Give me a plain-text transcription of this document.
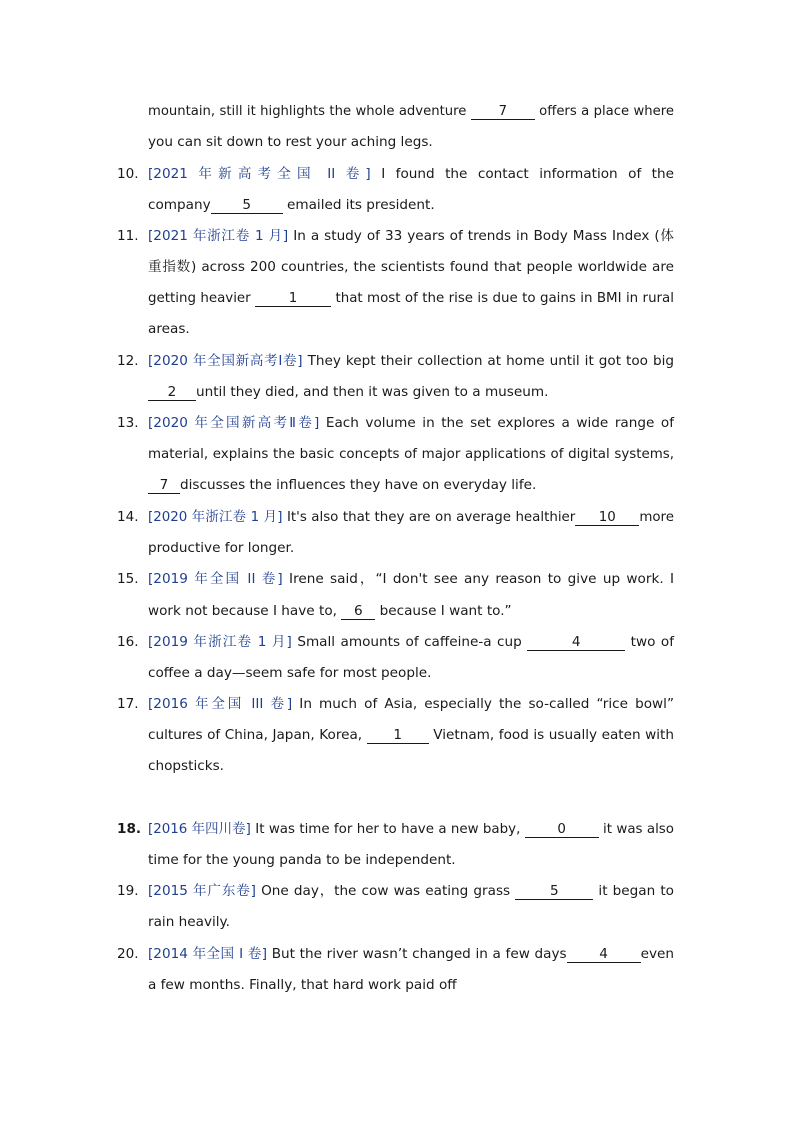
mountain, still it highlights the whole adventure 7 offers a place where
you can sit down to rest your aching legs.
10. [2021 年新高考全国 II 卷] I found the contact information of the
company 5 emailed its president.
11. [2021 年浙江卷 1 月] In a study of 33 years of trends in Body Mass Index (体
重指数) across 200 countries, the scientists found that people worldwide are
getting heavier	1	that most of the rise is due to gains in BMI in rural
areas.
12. [2020 年全国新高考Ⅰ卷] They kept their collection at home until it got too big
2 until they died, and then it was given to a museum.
13. [2020 年全国新高考Ⅱ卷] Each volume in the set explores a wide range of
material, explains the basic concepts of major applications of digital systems,
7 discusses the influences they have on everyday life.
14. [2020 年浙江卷 1 月] It's also that they are on average healthier 10 more
productive for longer.
15. [2019 年全国 II 卷] Irene said，“I don't see any reason to give up work. I
work not because I have to, 6 because I want to.”
16. [2019 年浙江卷 1 月] Small amounts of caffeine-a cup	4	two of
coffee a day—seem safe for most people.
17. [2016 年全国 III 卷] In much of Asia, especially the so-called “rice bowl”
cultures of China, Japan, Korea, 1 Vietnam, food is usually eaten with
chopsticks.
18. [2016 年四川卷] It was time for her to have a new baby, 0 it was also
time for the young panda to be independent.
19. [2015 年广东卷] One day，the cow was eating grass	5	it began to
rain heavily.
20. [2014 年全国 I 卷] But the river wasn’t changed in a few days 4 even
a few months. Finally, that hard work paid off
